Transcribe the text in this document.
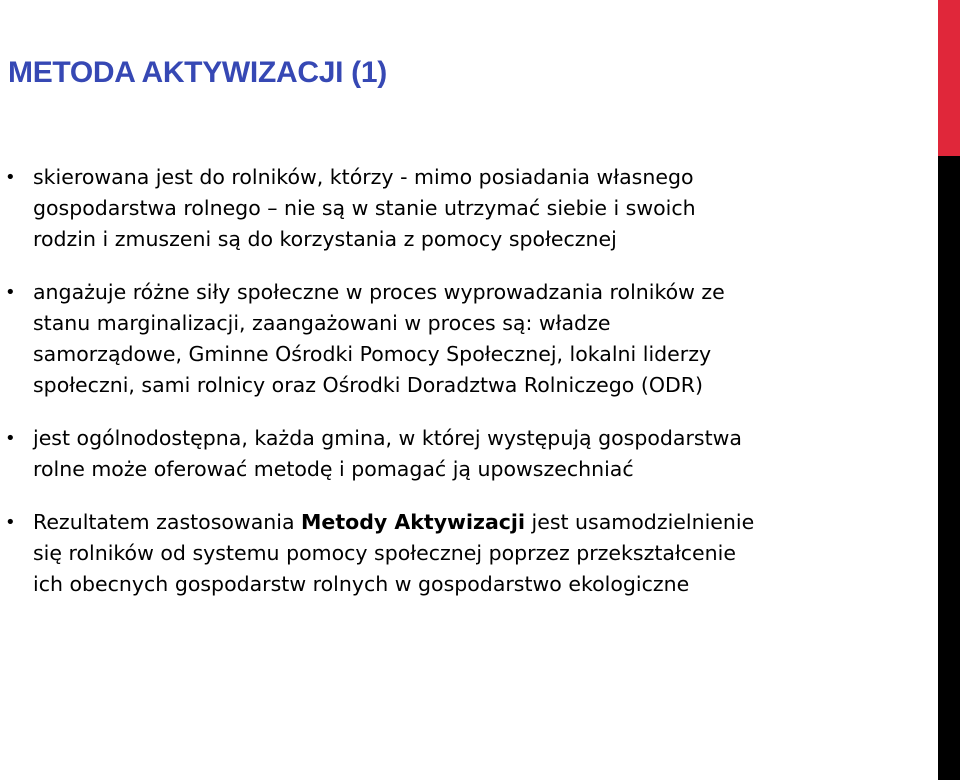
METODA AKTYWIZACJI (1)
• skierowana jest do rolników, którzy - mimo posiadania własnego
gospodarstwa rolnego – nie są w stanie utrzymać siebie i swoich
rodzin i zmuszeni są do korzystania z pomocy społecznej
• angażuje różne siły społeczne w proces wyprowadzania rolników ze
stanu marginalizacji, zaangażowani w proces są: władze
samorządowe, Gminne Ośrodki Pomocy Społecznej, lokalni liderzy
społeczni, sami rolnicy oraz Ośrodki Doradztwa Rolniczego (ODR)
• jest ogólnodostępna, każda gmina, w której występują gospodarstwa
rolne może oferować metodę i pomagać ją upowszechniać
• Rezultatem zastosowania Metody Aktywizacji jest usamodzielnienie
się rolników od systemu pomocy społecznej poprzez przekształcenie
ich obecnych gospodarstw rolnych w gospodarstwo ekologiczne
